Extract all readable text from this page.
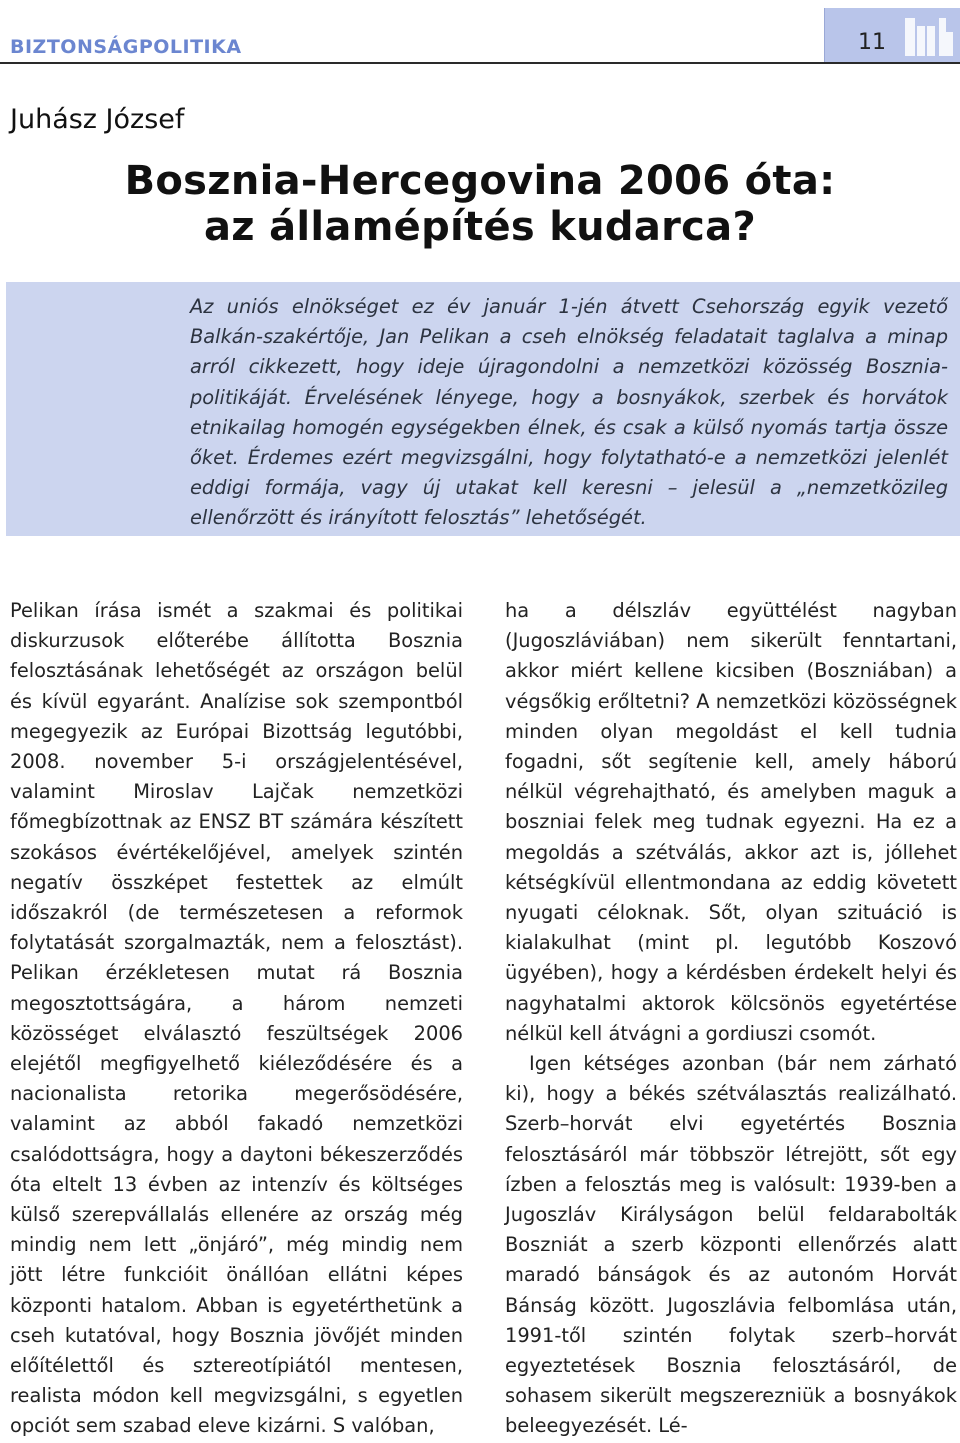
BIZTONSÁGPOLITIKA	11
Juhász József
Bosznia-Hercegovina 2006 óta:
az államépítés kudarca?

Az uniós elnökséget ez év január 1-jén átvett Csehország egyik vezető Balkán-szakértője, Jan Pelikan a cseh elnökség feladatait taglalva a minap arról cikkezett, hogy ideje újragondolni a nemzetközi közösség Bosznia-politikáját. Érvelésének lényege, hogy a bosnyákok, szerbek és horvátok etnikailag homogén egységekben élnek, és csak a külső nyomás tartja össze őket. Érdemes ezért megvizsgálni, hogy folytatható-e a nemzetközi jelenlét eddigi formája, vagy új utakat kell keresni – jelesül a „nemzetközileg ellenőrzött és irányított felosztás” lehetőségét.

Pelikan írása ismét a szakmai és politikai diskurzusok előterébe állította Bosznia felosztásának lehetőségét az országon belül és kívül egyaránt. Analízise sok szempontból megegyezik az Európai Bizottság legutóbbi, 2008. november 5-i országjelentésével, valamint Miroslav Lajčak nemzetközi főmegbízottnak az ENSZ BT számára készített szokásos évértékelőjével, amelyek szintén negatív összképet festettek az elmúlt időszakról (de természetesen a reformok folytatását szorgalmazták, nem a felosztást). Pelikan érzékletesen mutat rá Bosznia megosztottságára, a három nemzeti közösséget elválasztó feszültségek 2006 elejétől megfigyelhető kiéleződésére és a nacionalista retorika megerősödésére, valamint az abból fakadó nemzetközi csalódottságra, hogy a daytoni békeszerződés óta eltelt 13 évben az intenzív és költséges külső szerepvállalás ellenére az ország még mindig nem lett „önjáró”, még mindig nem jött létre funkcióit önállóan ellátni képes központi hatalom. Abban is egyetérthetünk a cseh kutatóval, hogy Bosznia jövőjét minden előítélettől és sztereotípiától mentesen, realista módon kell megvizsgálni, s egyetlen opciót sem szabad eleve kizárni. S valóban,

ha a délszláv együttélést nagyban (Jugoszláviában) nem sikerült fenntartani, akkor miért kellene kicsiben (Boszniában) a végsőkig erőltetni? A nemzetközi közösségnek minden olyan megoldást el kell tudnia fogadni, sőt segítenie kell, amely háború nélkül végrehajtható, és amelyben maguk a boszniai felek meg tudnak egyezni. Ha ez a megoldás a szétválás, akkor azt is, jóllehet kétségkívül ellentmondana az eddig követett nyugati céloknak. Sőt, olyan szituáció is kialakulhat (mint pl. legutóbb Koszovó ügyében), hogy a kérdésben érdekelt helyi és nagyhatalmi aktorok kölcsönös egyetértése nélkül kell átvágni a gordiuszi csomót.

Igen kétséges azonban (bár nem zárható ki), hogy a békés szétválasztás realizálható. Szerb–horvát elvi egyetértés Bosznia felosztásáról már többször létrejött, sőt egy ízben a felosztás meg is valósult: 1939-ben a Jugoszláv Királyságon belül feldarabolták Boszniát a szerb központi ellenőrzés alatt maradó bánságok és az autonóm Horvát Bánság között. Jugoszlávia felbomlása után, 1991-től szintén folytak szerb–horvát egyeztetések Bosznia felosztásáról, de sohasem sikerült megszerezniük a bosnyákok beleegyezését. Lé-
